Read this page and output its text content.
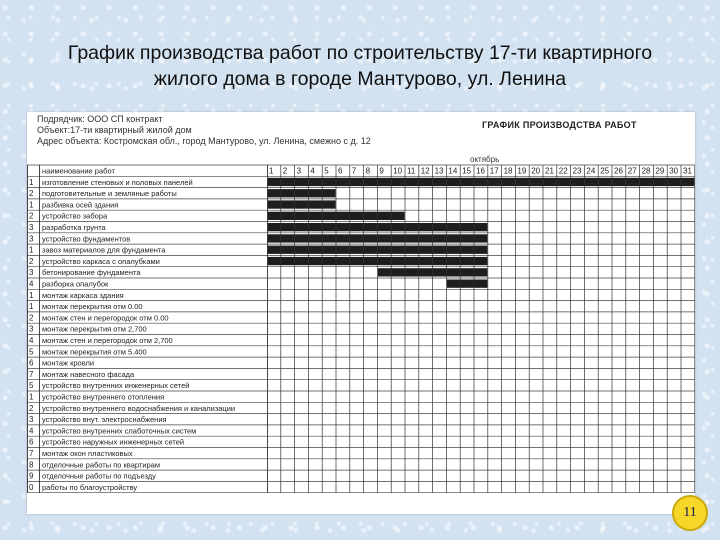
График производства работ по строительству 17-ти квартирного
жилого дома в городе Мантурово, ул. Ленина
Подрядчик: ООО СП контракт
Объект:17-ти квартирный жилой дом
Адрес объекта: Костромская обл., город Мантурово, ул. Ленина, смежно с д. 12
ГРАФИК ПРОИЗВОДСТВА РАБОТ
октябрь
наименование работ	1 2 3 4 5 6 7 8 9 10 11 12 13 14 15 16 17 18 19 20 21 22 23 24 25 26 27 28 29 30 31
1 изготовление стеновых и половых панелей
2 подготовительные и земляные работы
1 разбивка осей здания
2 устройство забора
3 разработка грунта
3 устройство фундаментов
1 завоз материалов для фундамента
2 устройство каркаса с опалубками
3 бетонирование фундамента
4 разборка опалубок
1 монтаж каркаса здания
1 монтаж перекрытия отм 0.00
2 монтаж стен и перегородок отм 0.00
3 монтаж перекрытия отм 2,700
4 монтаж стен и перегородок отм 2,700
5 монтаж перекрытия отм 5.400
6 монтаж кровли
7 монтаж навесного фасада
5 устройство внутренних инженерных сетей
1 устройство внутреннего отопления
2 устройство внутреннего водоснабжения и канализации
3 устройство внут. электроснабжения
4 устройство внутренних слаботочных систем
6 устройство наружных инженерных сетей
7 монтаж окон пластиковых
8 отделочные работы по квартирам
9 отделочные работы по подъезду
0 работы по благоустройству
11
